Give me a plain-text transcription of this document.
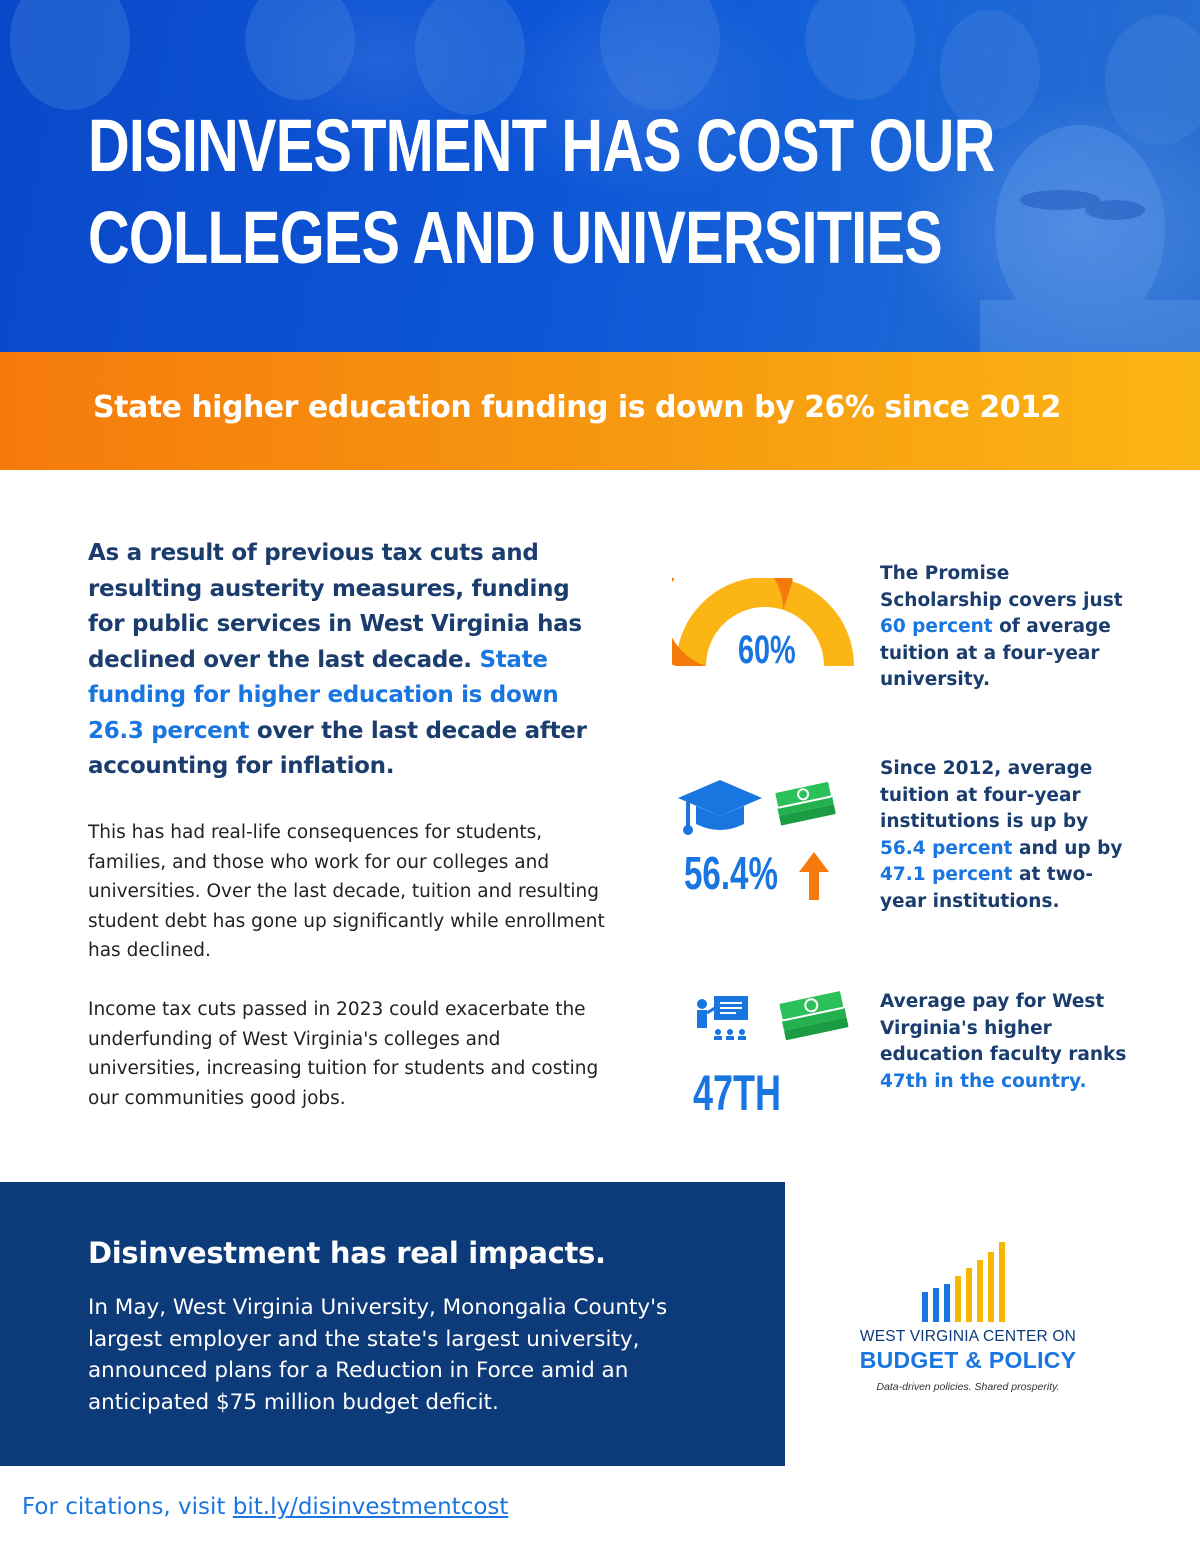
DISINVESTMENT HAS COST OUR
COLLEGES AND UNIVERSITIES
State higher education funding is down by 26% since 2012
As a result of previous tax cuts and resulting austerity measures, funding for public services in West Virginia has declined over the last decade. State funding for higher education is down 26.3 percent over the last decade after accounting for inflation.
This has had real-life consequences for students, families, and those who work for our colleges and universities. Over the last decade, tuition and resulting student debt has gone up significantly while enrollment has declined.
Income tax cuts passed in 2023 could exacerbate the underfunding of West Virginia's colleges and universities, increasing tuition for students and costing our communities good jobs.
60%
The Promise Scholarship covers just 60 percent of average tuition at a four-year university.
56.4%
Since 2012, average tuition at four-year institutions is up by 56.4 percent and up by 47.1 percent at two-year institutions.
47TH
Average pay for West Virginia's higher education faculty ranks 47th in the country.
Disinvestment has real impacts.
In May, West Virginia University, Monongalia County's largest employer and the state's largest university, announced plans for a Reduction in Force amid an anticipated $75 million budget deficit.
WEST VIRGINIA CENTER ON
BUDGET & POLICY
Data-driven policies. Shared prosperity.
For citations, visit bit.ly/disinvestmentcost
